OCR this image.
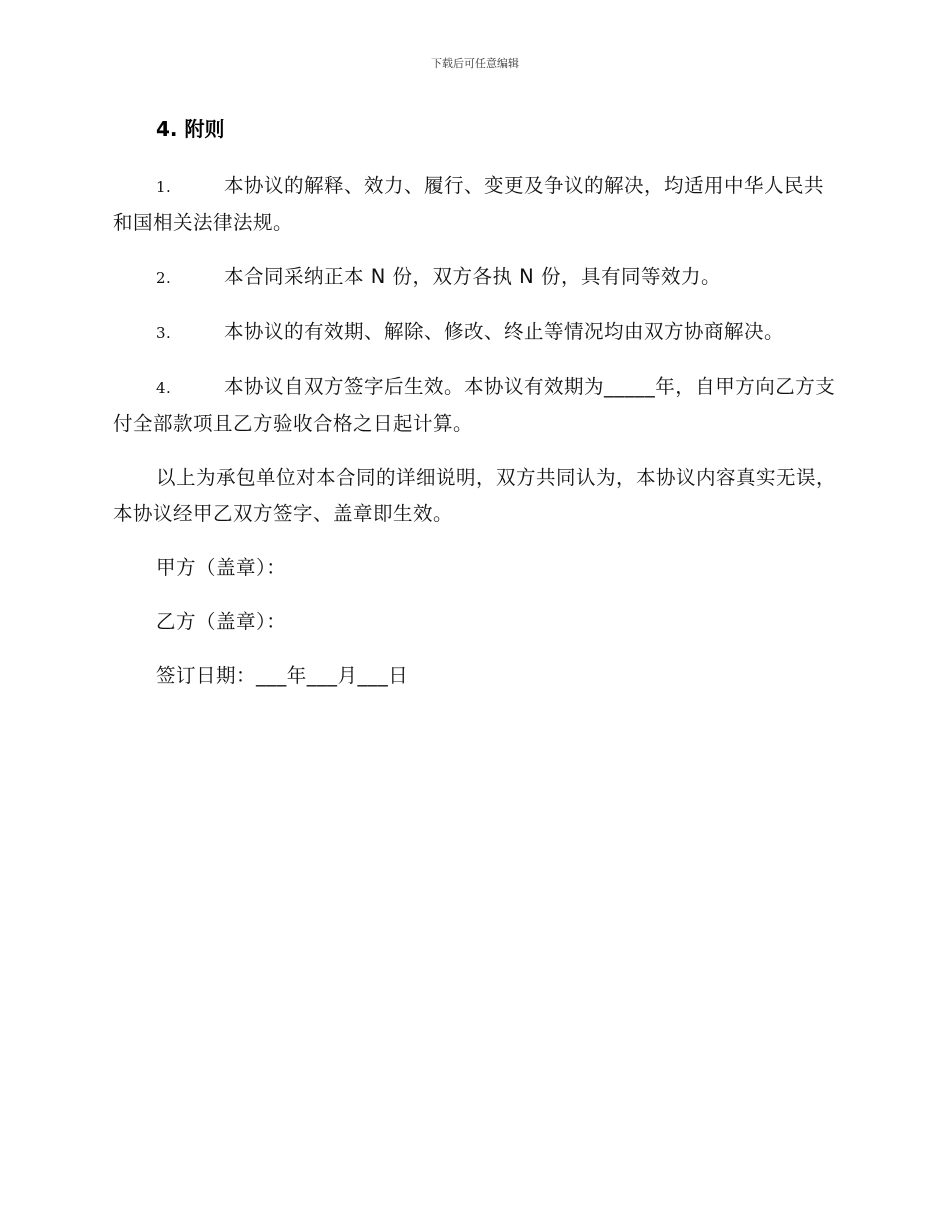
下载后可任意编辑
4. 附则
1.	本协议的解释、效力、履行、变更及争议的解决，均适用中华人民共和国相关法律法规。
2.	本合同采纳正本 N 份，双方各执 N 份，具有同等效力。
3.	本协议的有效期、解除、修改、终止等情况均由双方协商解决。
4.	本协议自双方签字后生效。本协议有效期为_____年，自甲方向乙方支付全部款项且乙方验收合格之日起计算。
以上为承包单位对本合同的详细说明，双方共同认为，本协议内容真实无误，本协议经甲乙双方签字、盖章即生效。
甲方（盖章）：
乙方（盖章）：
签订日期：___年___月___日
